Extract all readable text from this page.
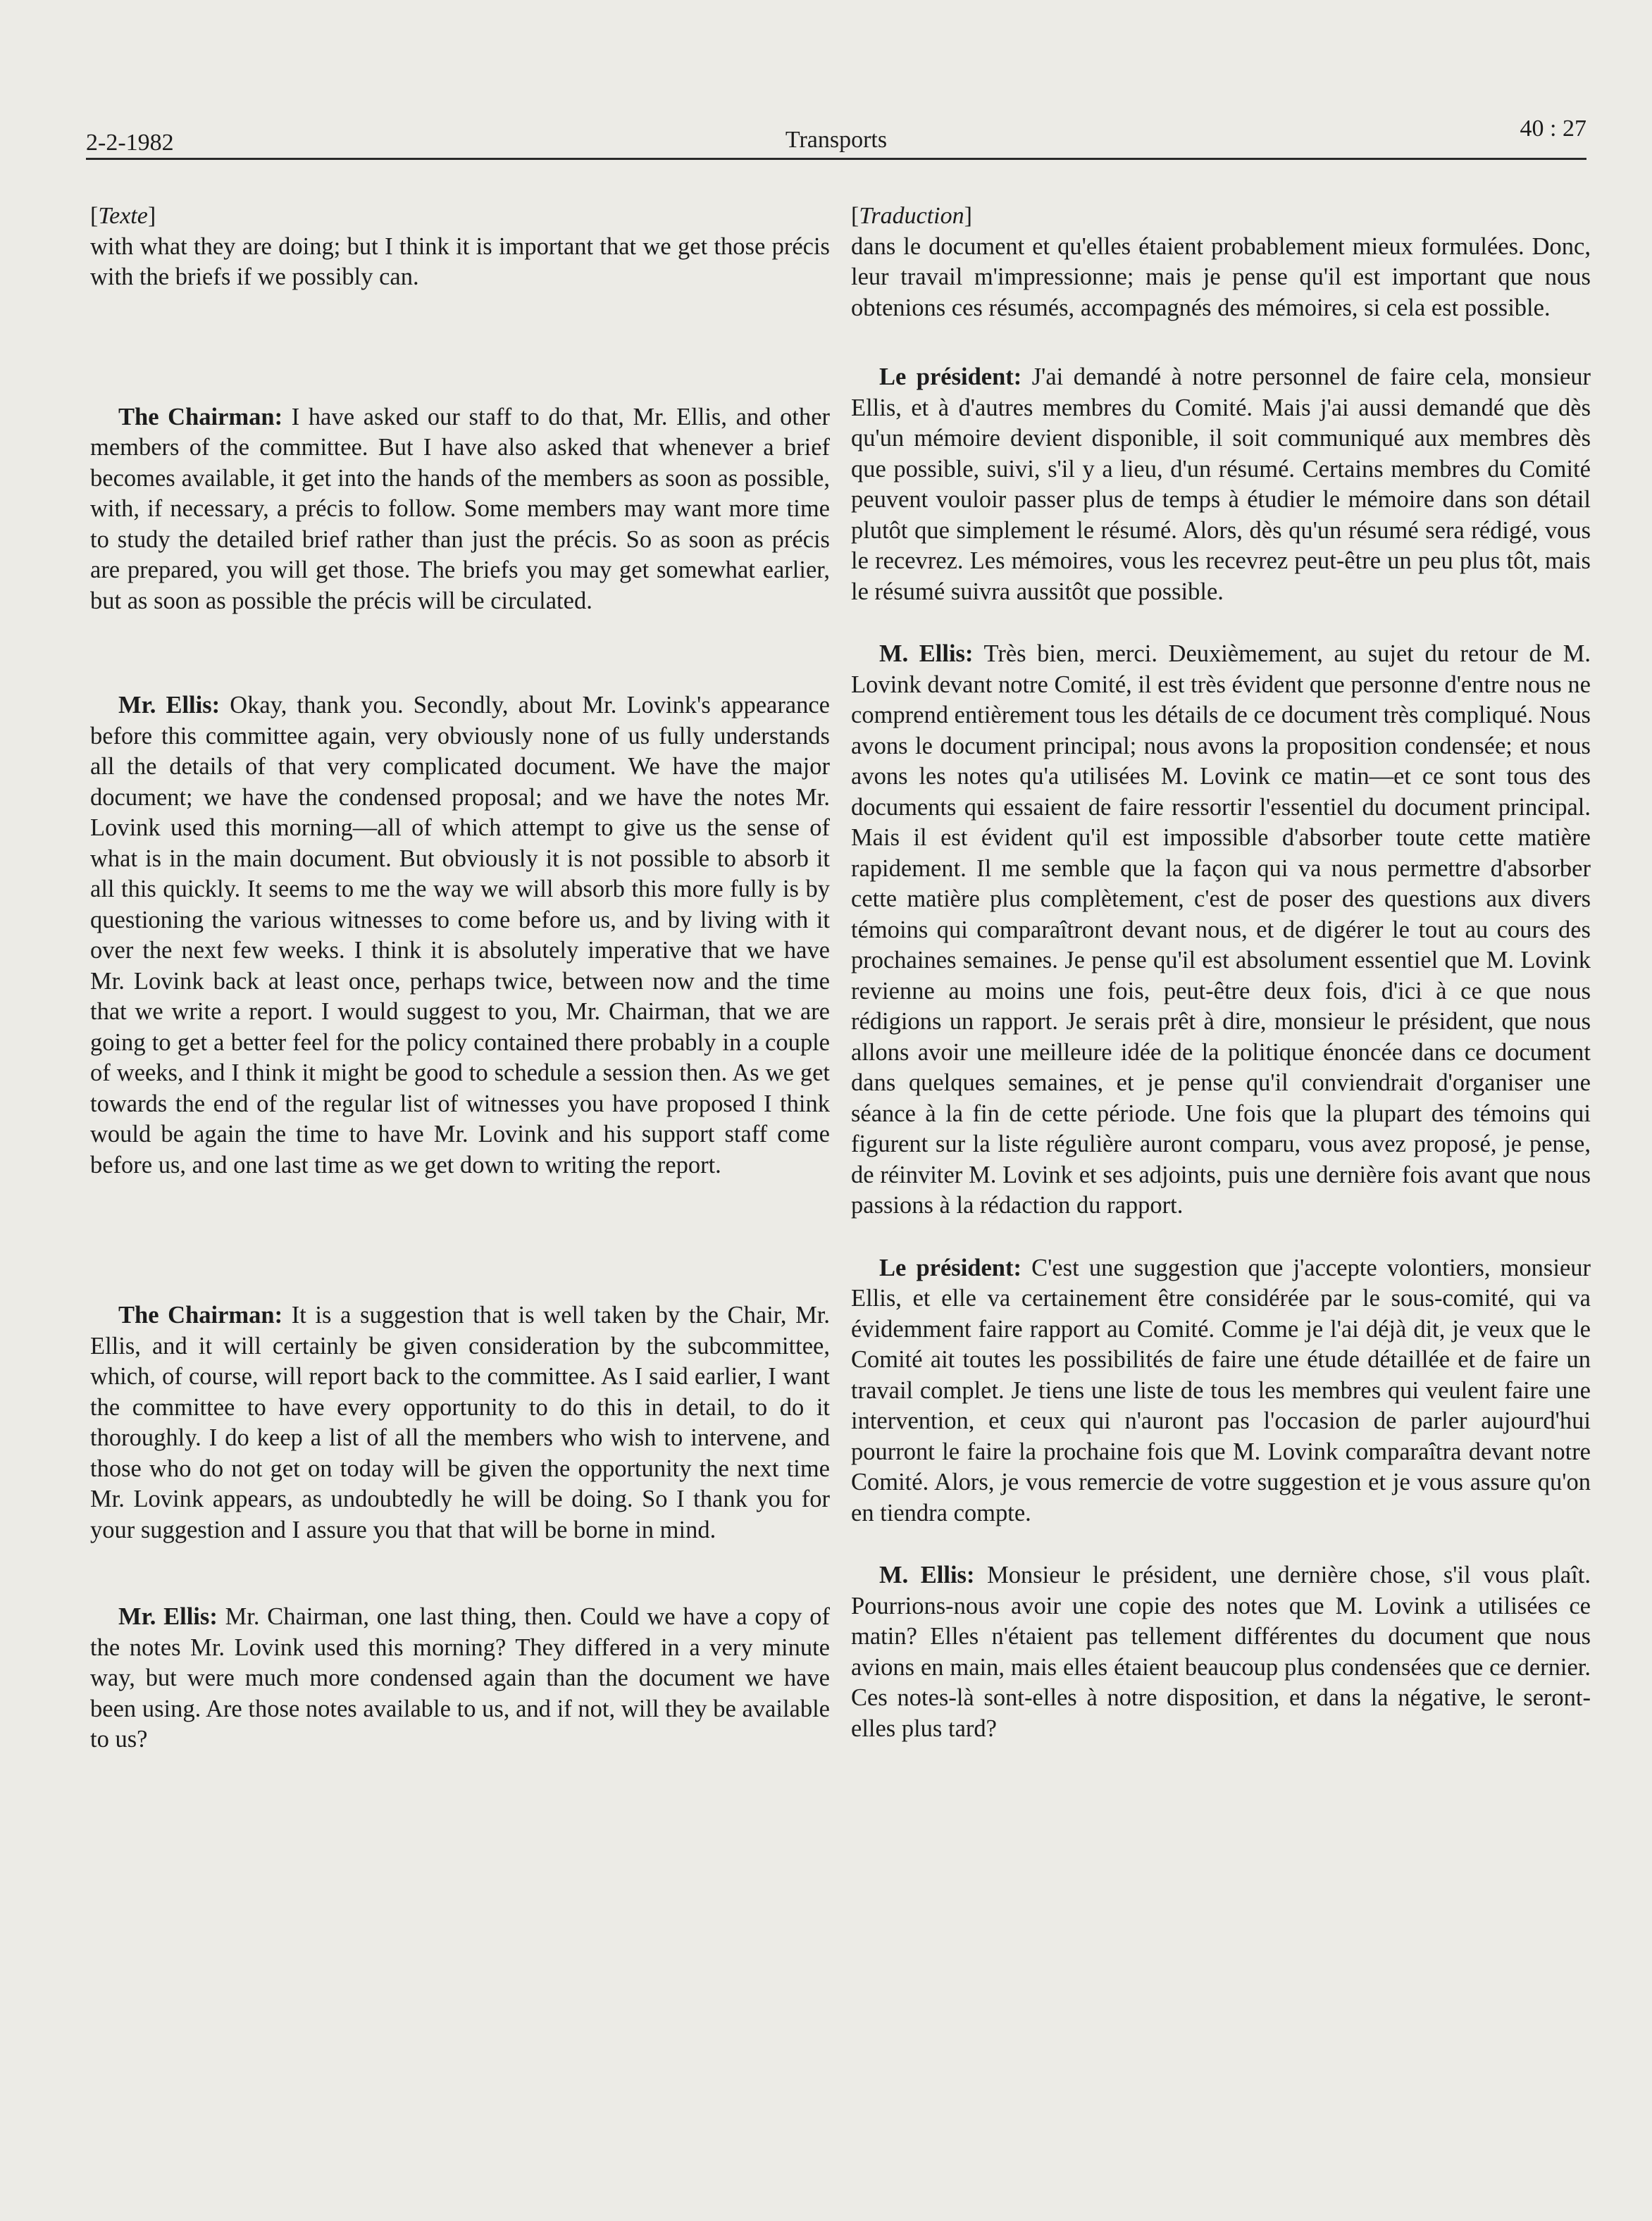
2-2-1982	Transports	40 : 27
[Texte]

with what they are doing; but I think it is important that we get those précis with the briefs if we possibly can.

The Chairman: I have asked our staff to do that, Mr. Ellis, and other members of the committee. But I have also asked that whenever a brief becomes available, it get into the hands of the members as soon as possible, with, if necessary, a précis to follow. Some members may want more time to study the detailed brief rather than just the précis. So as soon as précis are prepared, you will get those. The briefs you may get somewhat earlier, but as soon as possible the précis will be circulated.

Mr. Ellis: Okay, thank you. Secondly, about Mr. Lovink's appearance before this committee again, very obviously none of us fully understands all the details of that very complicated document. We have the major document; we have the condensed proposal; and we have the notes Mr. Lovink used this morning—all of which attempt to give us the sense of what is in the main document. But obviously it is not possible to absorb it all this quickly. It seems to me the way we will absorb this more fully is by questioning the various witnesses to come before us, and by living with it over the next few weeks. I think it is absolutely imperative that we have Mr. Lovink back at least once, perhaps twice, between now and the time that we write a report. I would suggest to you, Mr. Chairman, that we are going to get a better feel for the policy contained there probably in a couple of weeks, and I think it might be good to schedule a session then. As we get towards the end of the regular list of witnesses you have proposed I think would be again the time to have Mr. Lovink and his support staff come before us, and one last time as we get down to writing the report.

The Chairman: It is a suggestion that is well taken by the Chair, Mr. Ellis, and it will certainly be given consideration by the subcommittee, which, of course, will report back to the committee. As I said earlier, I want the committee to have every opportunity to do this in detail, to do it thoroughly. I do keep a list of all the members who wish to intervene, and those who do not get on today will be given the opportunity the next time Mr. Lovink appears, as undoubtedly he will be doing. So I thank you for your suggestion and I assure you that that will be borne in mind.

Mr. Ellis: Mr. Chairman, one last thing, then. Could we have a copy of the notes Mr. Lovink used this morning? They differed in a very minute way, but were much more condensed again than the document we have been using. Are those notes available to us, and if not, will they be available to us?

[Traduction]

dans le document et qu'elles étaient probablement mieux formulées. Donc, leur travail m'impressionne; mais je pense qu'il est important que nous obtenions ces résumés, accompagnés des mémoires, si cela est possible.

Le président: J'ai demandé à notre personnel de faire cela, monsieur Ellis, et à d'autres membres du Comité. Mais j'ai aussi demandé que dès qu'un mémoire devient disponible, il soit communiqué aux membres dès que possible, suivi, s'il y a lieu, d'un résumé. Certains membres du Comité peuvent vouloir passer plus de temps à étudier le mémoire dans son détail plutôt que simplement le résumé. Alors, dès qu'un résumé sera rédigé, vous le recevrez. Les mémoires, vous les recevrez peut-être un peu plus tôt, mais le résumé suivra aussitôt que possible.

M. Ellis: Très bien, merci. Deuxièmement, au sujet du retour de M. Lovink devant notre Comité, il est très évident que personne d'entre nous ne comprend entièrement tous les détails de ce document très compliqué. Nous avons le document principal; nous avons la proposition condensée; et nous avons les notes qu'a utilisées M. Lovink ce matin—et ce sont tous des documents qui essaient de faire ressortir l'essentiel du document principal. Mais il est évident qu'il est impossible d'absorber toute cette matière rapidement. Il me semble que la façon qui va nous permettre d'absorber cette matière plus complètement, c'est de poser des questions aux divers témoins qui comparaîtront devant nous, et de digérer le tout au cours des prochaines semaines. Je pense qu'il est absolument essentiel que M. Lovink revienne au moins une fois, peut-être deux fois, d'ici à ce que nous rédigions un rapport. Je serais prêt à dire, monsieur le président, que nous allons avoir une meilleure idée de la politique énoncée dans ce document dans quelques semaines, et je pense qu'il conviendrait d'organiser une séance à la fin de cette période. Une fois que la plupart des témoins qui figurent sur la liste régulière auront comparu, vous avez proposé, je pense, de réinviter M. Lovink et ses adjoints, puis une dernière fois avant que nous passions à la rédaction du rapport.

Le président: C'est une suggestion que j'accepte volontiers, monsieur Ellis, et elle va certainement être considérée par le sous-comité, qui va évidemment faire rapport au Comité. Comme je l'ai déjà dit, je veux que le Comité ait toutes les possibilités de faire une étude détaillée et de faire un travail complet. Je tiens une liste de tous les membres qui veulent faire une intervention, et ceux qui n'auront pas l'occasion de parler aujourd'hui pourront le faire la prochaine fois que M. Lovink comparaîtra devant notre Comité. Alors, je vous remercie de votre suggestion et je vous assure qu'on en tiendra compte.

M. Ellis: Monsieur le président, une dernière chose, s'il vous plaît. Pourrions-nous avoir une copie des notes que M. Lovink a utilisées ce matin? Elles n'étaient pas tellement différentes du document que nous avions en main, mais elles étaient beaucoup plus condensées que ce dernier. Ces notes-là sont-elles à notre disposition, et dans la négative, le seront-elles plus tard?
